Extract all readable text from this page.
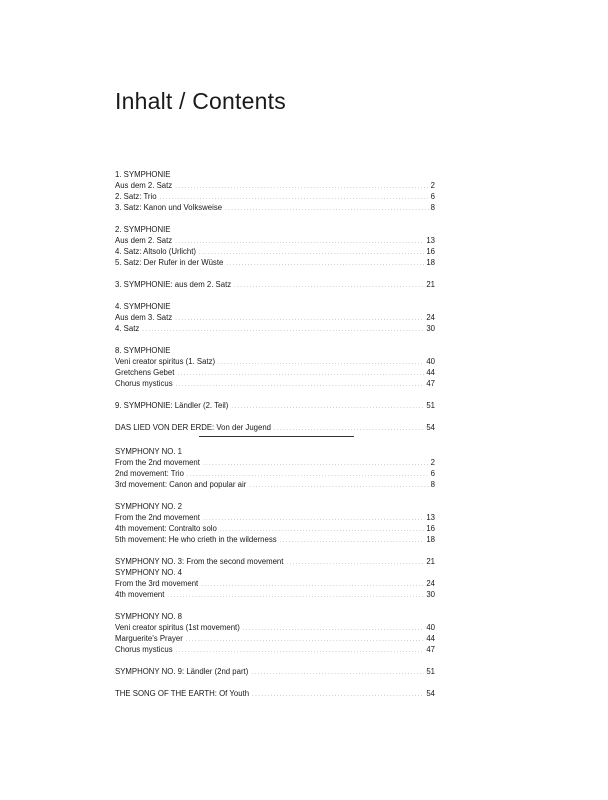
Inhalt / Contents
1. SYMPHONIE
Aus dem 2. Satz .....	2
2. Satz: Trio .....	6
3. Satz: Kanon und Volksweise .....	8
2. SYMPHONIE
Aus dem 2. Satz .....	13
4. Satz: Altsolo (Urlicht) .....	16
5. Satz: Der Rufer in der Wüste .....	18
3. SYMPHONIE: aus dem 2. Satz .....	21
4. SYMPHONIE
Aus dem 3. Satz .....	24
4. Satz .....	30
8. SYMPHONIE
Veni creator spiritus (1. Satz) .....	40
Gretchens Gebet .....	44
Chorus mysticus .....	47
9. SYMPHONIE: Ländler (2. Teil) .....	51
DAS LIED VON DER ERDE: Von der Jugend .....	54
SYMPHONY NO. 1
From the 2nd movement .....	2
2nd movement: Trio .....	6
3rd movement: Canon and popular air .....	8
SYMPHONY NO. 2
From the 2nd movement .....	13
4th movement: Contralto solo .....	16
5th movement: He who crieth in the wilderness .....	18
SYMPHONY NO. 3: From the second movement .....	21
SYMPHONY NO. 4
From the 3rd movement .....	24
4th movement .....	30
SYMPHONY NO. 8
Veni creator spiritus (1st movement) .....	40
Marguerite's Prayer .....	44
Chorus mysticus .....	47
SYMPHONY NO. 9: Ländler (2nd part) .....	51
THE SONG OF THE EARTH: Of Youth .....	54
